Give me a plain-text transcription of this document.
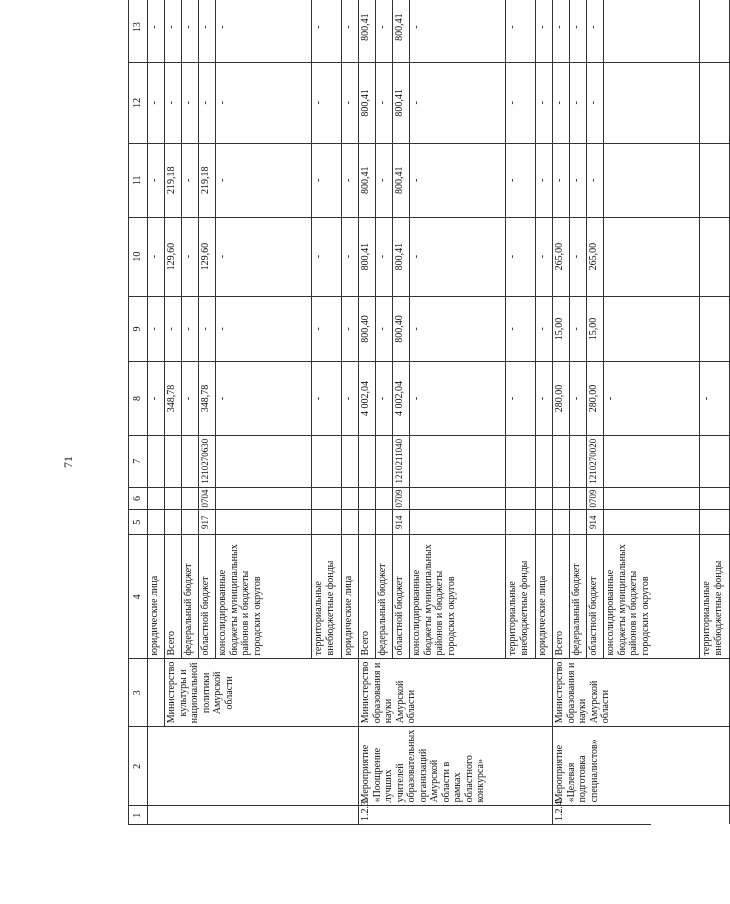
71
1	2	3	4	5	6	7	8	9	10	11	12	13
			юридические лица				-	-	-	-	-	-
		Министерство культуры и национальной политики Амурской области	Всего				348,78	-	129,60	219,18	-	-
			федеральный бюджет				-	-	-	-	-	-
			областной бюджет	917	0704	1210270630	348,78	-	129,60	219,18	-	-
			консолидированные бюджеты муниципальных районов и бюджеты городских округов				-	-	-	-	-	-
			территориальные внебюджетные фонды				-	-	-	-	-	-
			юридические лица				-	-	-	-	-	-
1.2.3.	Мероприятие «Поощрение лучших учителей образовательных организаций Амурской области в рамках областного конкурса»	Министерство образования и науки Амурской области	Всего				4 002,04	800,40	800,41	800,41	800,41	800,41
			федеральный бюджет				-	-	-	-	-	-
			областной бюджет	914	0709	1210211040	4 002,04	800,40	800,41	800,41	800,41	800,41
			консолидированные бюджеты муниципальных районов и бюджеты городских округов				-	-	-	-	-	-
			территориальные внебюджетные фонды				-	-	-	-	-	-
			юридические лица				-	-	-	-	-	-
1.2.4.	Мероприятие «Целевая подготовка специалистов»	Министерство образования и науки Амурской области	Всего				280,00	15,00	265,00	-	-	-
			федеральный бюджет				-	-	-	-	-	-
			областной бюджет	914	0709	1210270020	280,00	15,00	265,00	-	-	-
			консолидированные бюджеты муниципальных районов и бюджеты городских округов				-					
			территориальные внебюджетные фонды				-					
